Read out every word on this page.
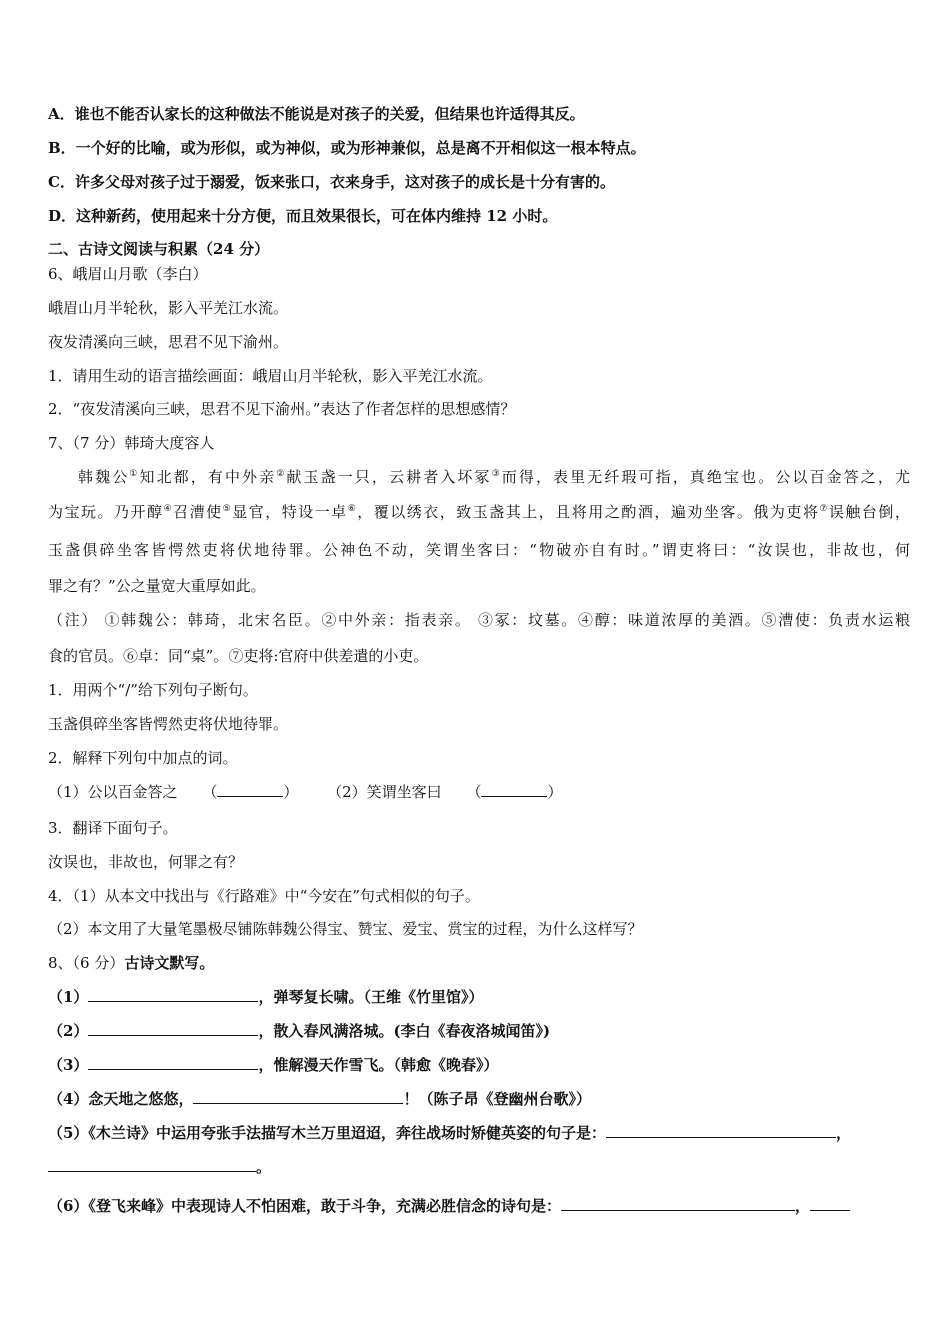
A．谁也不能否认家长的这种做法不能说是对孩子的关爱，但结果也许适得其反。
B．一个好的比喻，或为形似，或为神似，或为形神兼似，总是离不开相似这一根本特点。
C．许多父母对孩子过于溺爱，饭来张口，衣来身手，这对孩子的成长是十分有害的。
D．这种新药，使用起来十分方便，而且效果很长，可在体内维持 12 小时。
二、古诗文阅读与积累（24 分）
6、峨眉山月歌（李白）
峨眉山月半轮秋，影入平羌江水流。
夜发清溪向三峡，思君不见下渝州。
1．请用生动的语言描绘画面：峨眉山月半轮秋，影入平羌江水流。
2．“夜发清溪向三峡，思君不见下渝州。”表达了作者怎样的思想感情？
7、（7 分）韩琦大度容人
韩魏公①知北都，有中外亲②献玉盏一只，云耕者入坏冢③而得，表里无纤瑕可指，真绝宝也。公以百金答之，尤
为宝玩。乃开醇④召漕使⑤显官，特设一卓⑥，覆以绣衣，致玉盏其上，且将用之酌酒，遍劝坐客。俄为吏将⑦误触台倒，
玉盏俱碎坐客皆愕然吏将伏地待罪。公神色不动，笑谓坐客曰：“物破亦自有时。”谓吏将曰：“汝误也，非故也，何
罪之有？”公之量宽大重厚如此。
（注） ①韩魏公：韩琦，北宋名臣。②中外亲：指表亲。 ③冢：坟墓。④醇：味道浓厚的美酒。⑤漕使：负责水运粮
食的官员。⑥卓：同“桌”。⑦吏将:官府中供差遣的小吏。
1．用两个“/”给下列句子断句。
玉盏俱碎坐客皆愕然吏将伏地待罪。
2．解释下列句中加点的词。
（1）公以百金答之 （	） （2）笑谓坐客曰 （	）
3．翻译下面句子。
汝误也，非故也，何罪之有？
4．（1）从本文中找出与《行路难》中“今安在”句式相似的句子。
（2）本文用了大量笔墨极尽铺陈韩魏公得宝、赞宝、爱宝、赏宝的过程，为什么这样写？
8、（6 分）古诗文默写。
（1）	，弹琴复长啸。（王维《竹里馆》）
（2）	，散入春风满洛城。(李白《春夜洛城闻笛》)
（3）	，惟解漫天作雪飞。（韩愈《晚春》）
（4）念天地之悠悠，	！（陈子昂《登幽州台歌》）
（5）《木兰诗》中运用夸张手法描写木兰万里迢迢，奔往战场时矫健英姿的句子是：	，
。
（6）《登飞来峰》中表现诗人不怕困难，敢于斗争，充满必胜信念的诗句是：	，
